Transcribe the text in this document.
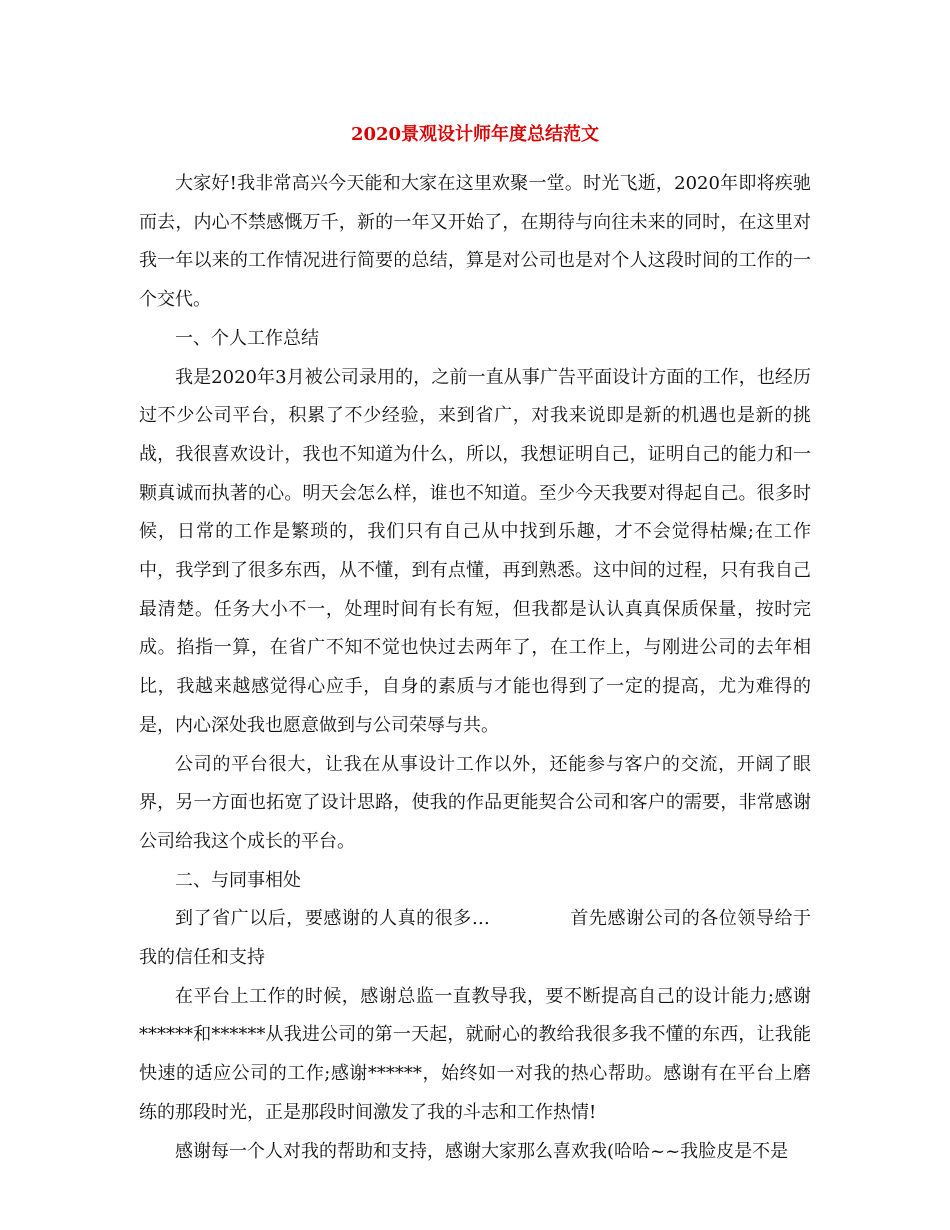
2020景观设计师年度总结范文

大家好!我非常高兴今天能和大家在这里欢聚一堂。时光飞逝，2020年即将疾驰而去，内心不禁感慨万千，新的一年又开始了，在期待与向往未来的同时，在这里对我一年以来的工作情况进行简要的总结，算是对公司也是对个人这段时间的工作的一个交代。

一、个人工作总结

我是2020年3月被公司录用的，之前一直从事广告平面设计方面的工作，也经历过不少公司平台，积累了不少经验，来到省广，对我来说即是新的机遇也是新的挑战，我很喜欢设计，我也不知道为什么，所以，我想证明自己，证明自己的能力和一颗真诚而执著的心。明天会怎么样，谁也不知道。至少今天我要对得起自己。很多时候，日常的工作是繁琐的，我们只有自己从中找到乐趣，才不会觉得枯燥;在工作中，我学到了很多东西，从不懂，到有点懂，再到熟悉。这中间的过程，只有我自己最清楚。任务大小不一，处理时间有长有短，但我都是认认真真保质保量，按时完成。掐指一算，在省广不知不觉也快过去两年了，在工作上，与刚进公司的去年相比，我越来越感觉得心应手，自身的素质与才能也得到了一定的提高，尤为难得的是，内心深处我也愿意做到与公司荣辱与共。

公司的平台很大，让我在从事设计工作以外，还能参与客户的交流，开阔了眼界，另一方面也拓宽了设计思路，使我的作品更能契合公司和客户的需要，非常感谢公司给我这个成长的平台。

二、与同事相处

到了省广以后，要感谢的人真的很多…	首先感谢公司的各位领导给于我的信任和支持

在平台上工作的时候，感谢总监一直教导我，要不断提高自己的设计能力;感谢******和******从我进公司的第一天起，就耐心的教给我很多我不懂的东西，让我能快速的适应公司的工作;感谢******，始终如一对我的热心帮助。感谢有在平台上磨练的那段时光，正是那段时间激发了我的斗志和工作热情!

感谢每一个人对我的帮助和支持，感谢大家那么喜欢我(哈哈~~我脸皮是不是
